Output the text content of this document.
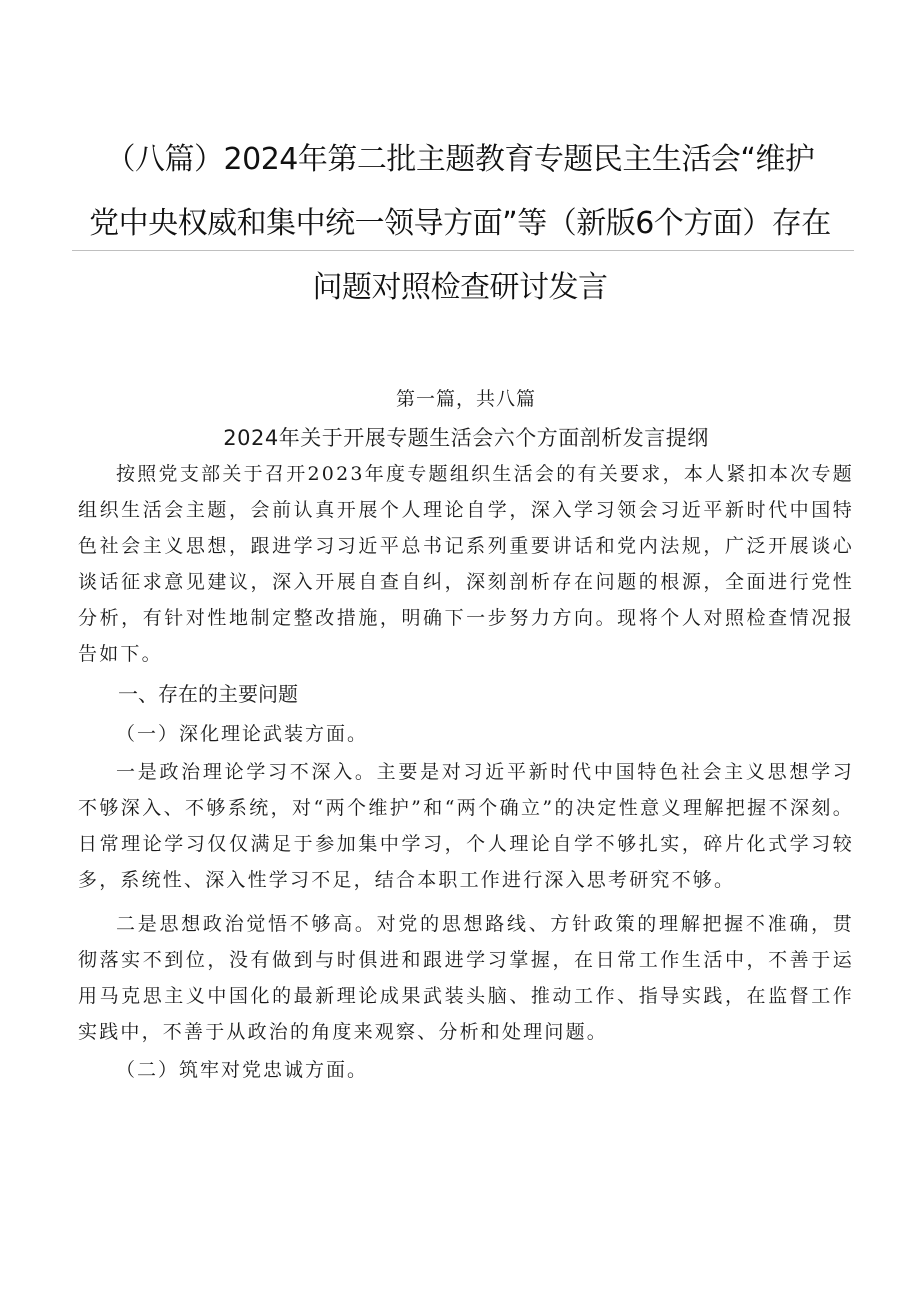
（八篇）2024年第二批主题教育专题民主生活会“维护
党中央权威和集中统一领导方面”等（新版6个方面）存在
问题对照检查研讨发言
第一篇，共八篇
2024年关于开展专题生活会六个方面剖析发言提纲

按照党支部关于召开2023年度专题组织生活会的有关要求，本人紧扣本次专题组织生活会主题，会前认真开展个人理论自学，深入学习领会习近平新时代中国特色社会主义思想，跟进学习习近平总书记系列重要讲话和党内法规，广泛开展谈心谈话征求意见建议，深入开展自查自纠，深刻剖析存在问题的根源，全面进行党性分析，有针对性地制定整改措施，明确下一步努力方向。现将个人对照检查情况报告如下。

一、存在的主要问题
（一）深化理论武装方面。

一是政治理论学习不深入。主要是对习近平新时代中国特色社会主义思想学习不够深入、不够系统，对“两个维护”和“两个确立”的决定性意义理解把握不深刻。日常理论学习仅仅满足于参加集中学习，个人理论自学不够扎实，碎片化式学习较多，系统性、深入性学习不足，结合本职工作进行深入思考研究不够。

二是思想政治觉悟不够高。对党的思想路线、方针政策的理解把握不准确，贯彻落实不到位，没有做到与时俱进和跟进学习掌握，在日常工作生活中，不善于运用马克思主义中国化的最新理论成果武装头脑、推动工作、指导实践，在监督工作实践中，不善于从政治的角度来观察、分析和处理问题。

（二）筑牢对党忠诚方面。
